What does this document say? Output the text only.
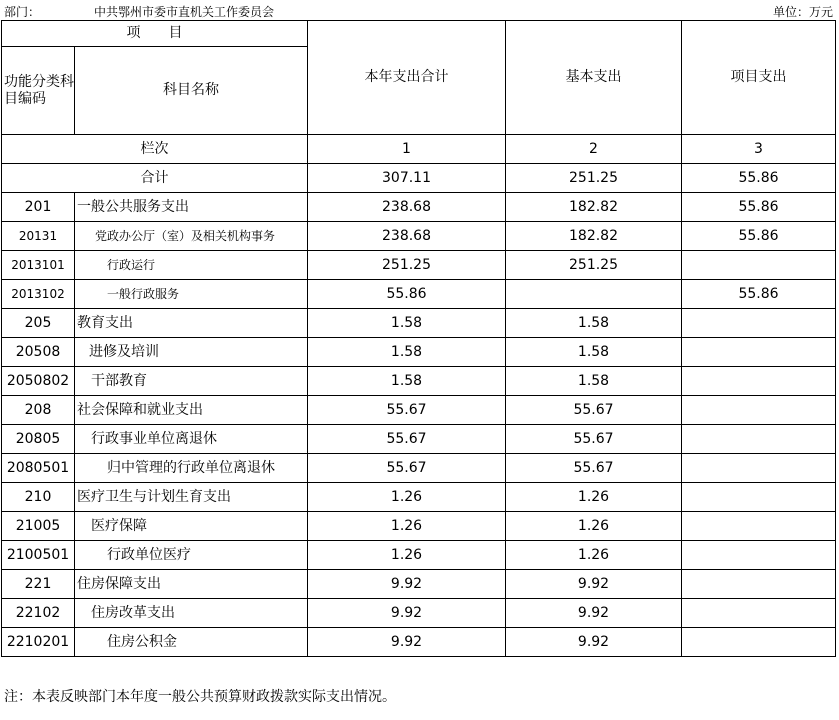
部门：	中共鄂州市委市直机关工作委员会	单位：万元
项　　目		本年支出合计	基本支出	项目支出
功能分类科目编码	科目名称			
栏次		1	2	3
合计		307.11	251.25	55.86
201	一般公共服务支出	238.68	182.82	55.86
20131	党政办公厅（室）及相关机构事务	238.68	182.82	55.86
2013101	行政运行	251.25	251.25	
2013102	一般行政服务	55.86		55.86
205	教育支出	1.58	1.58	
20508	进修及培训	1.58	1.58	
2050802	干部教育	1.58	1.58	
208	社会保障和就业支出	55.67	55.67	
20805	行政事业单位离退休	55.67	55.67	
2080501	归中管理的行政单位离退休	55.67	55.67	
210	医疗卫生与计划生育支出	1.26	1.26	
21005	医疗保障	1.26	1.26	
2100501	行政单位医疗	1.26	1.26	
221	住房保障支出	9.92	9.92	
22102	住房改革支出	9.92	9.92	
2210201	住房公积金	9.92	9.92	
注：本表反映部门本年度一般公共预算财政拨款实际支出情况。
